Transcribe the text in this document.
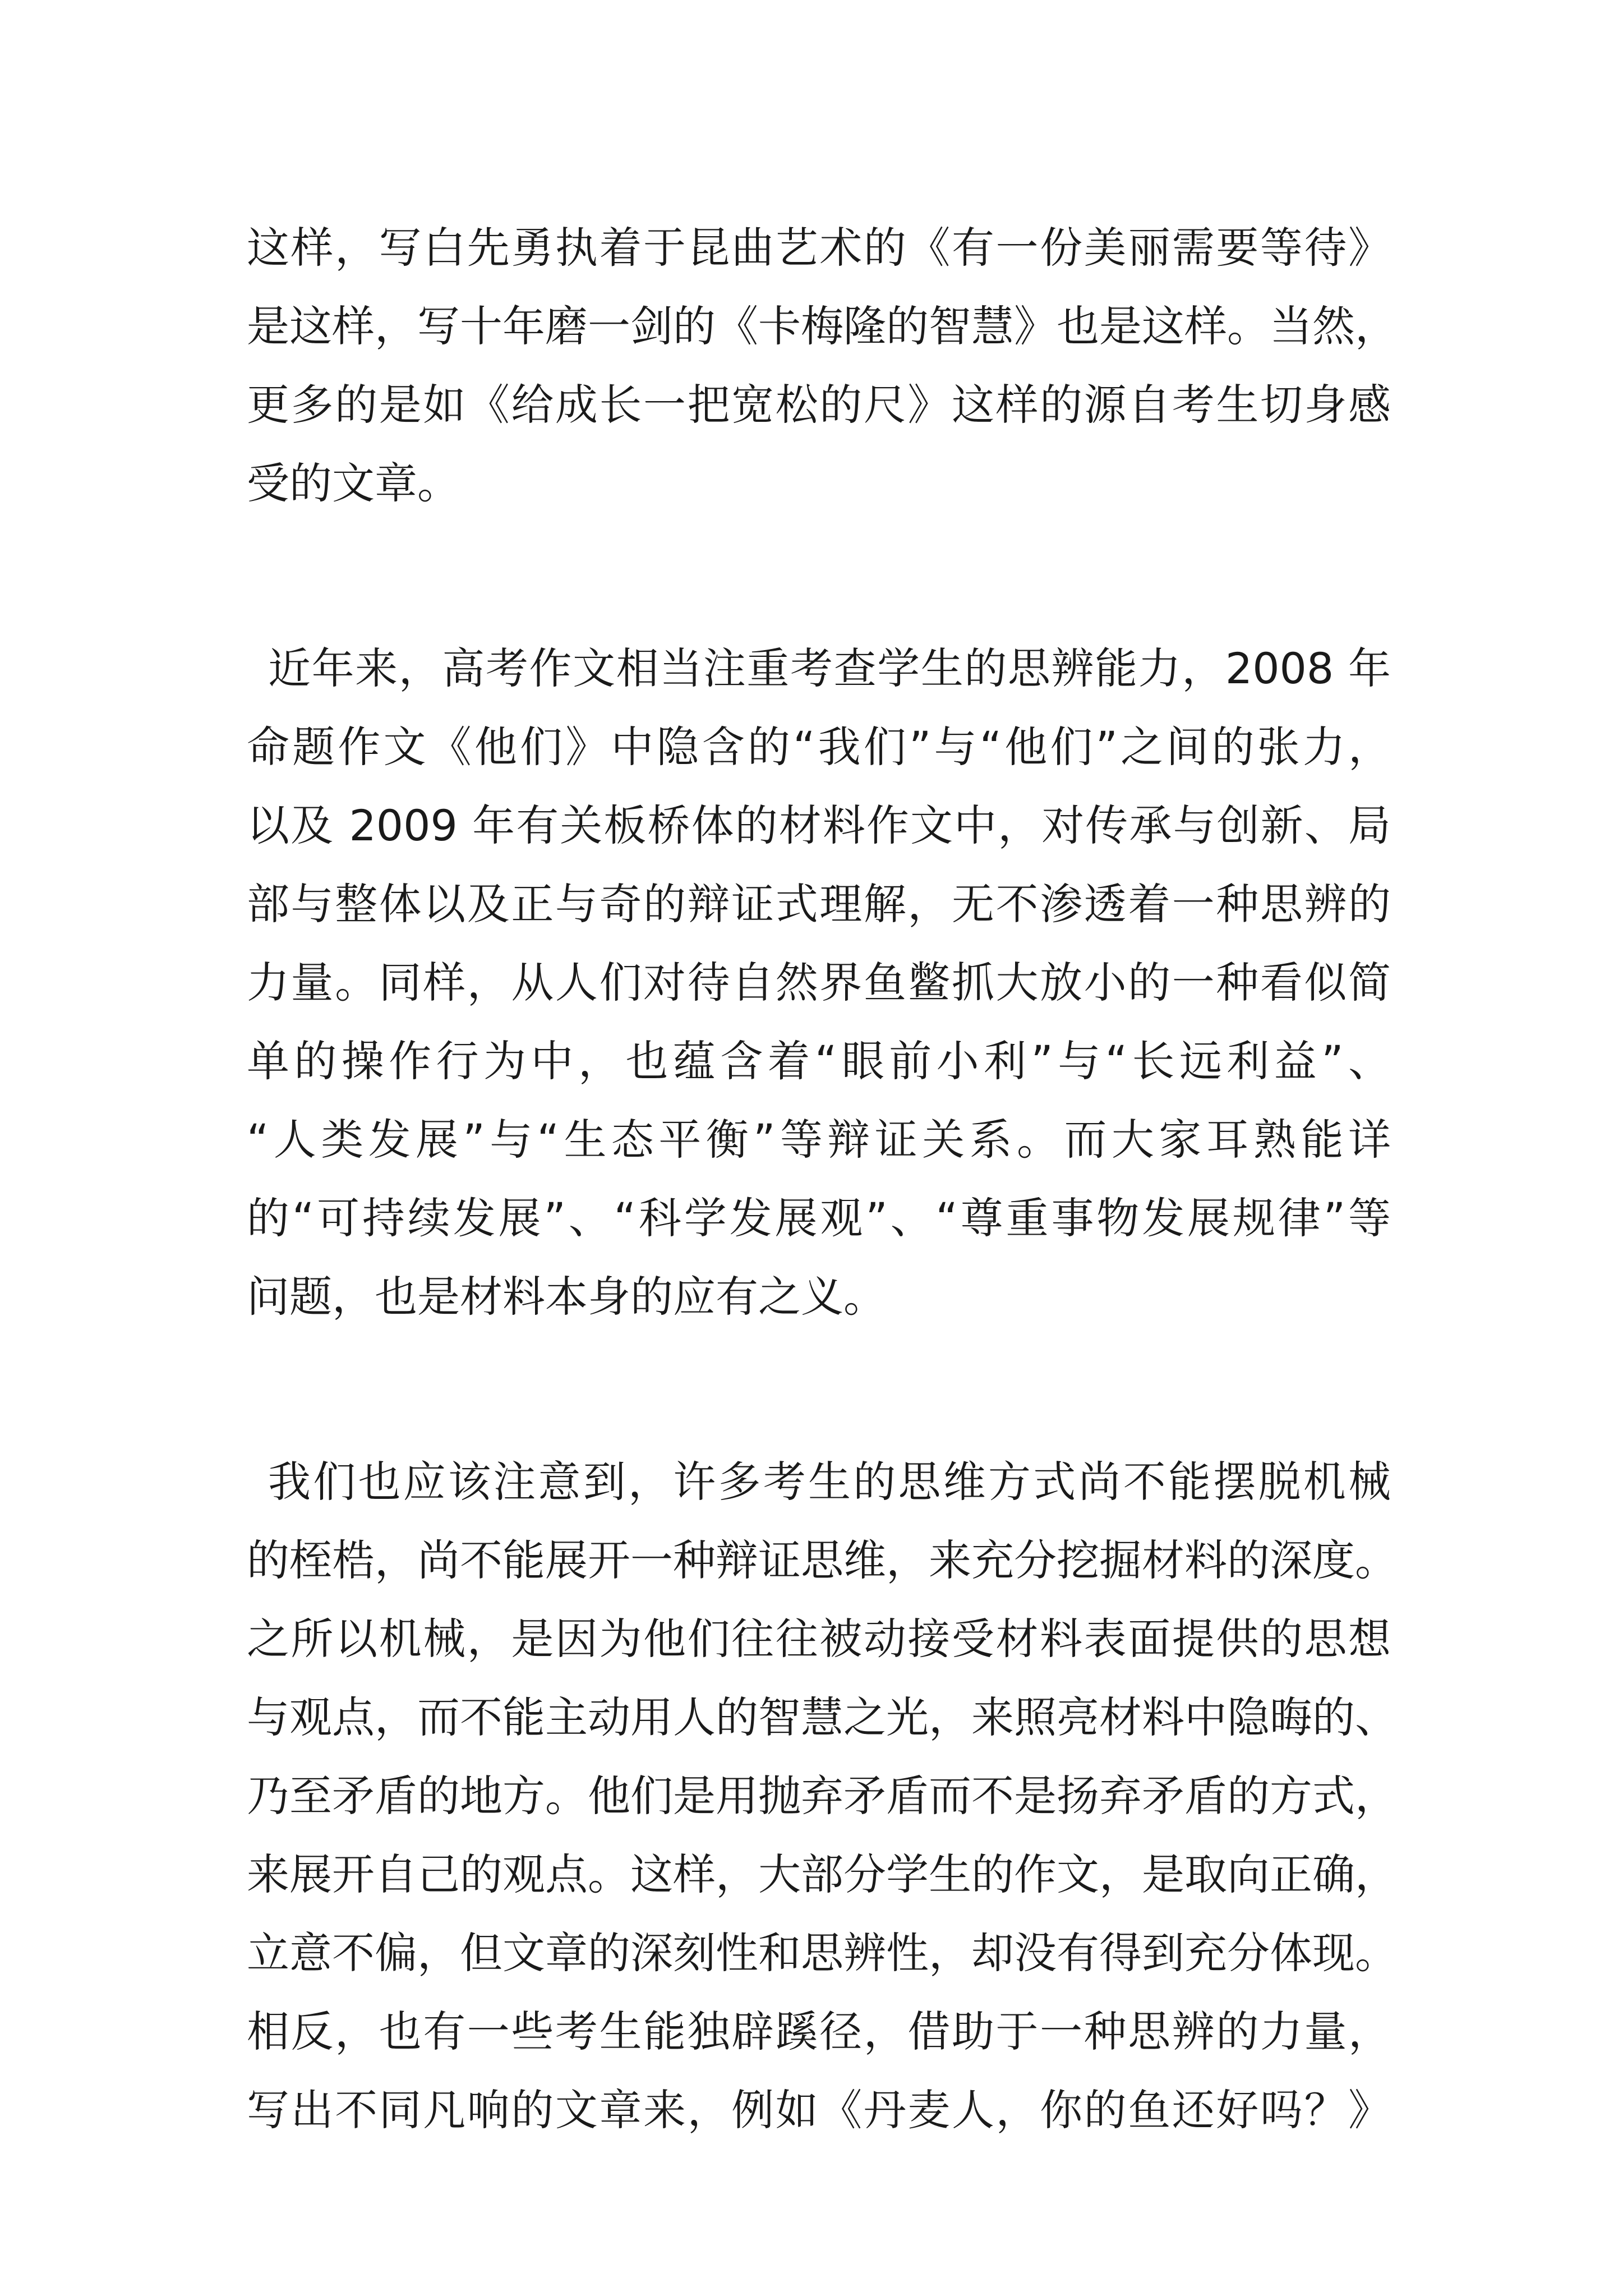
这样，写白先勇执着于昆曲艺术的《有一份美丽需要等待》
是这样，写十年磨一剑的《卡梅隆的智慧》也是这样。当然，
更多的是如《给成长一把宽松的尺》这样的源自考生切身感
受的文章。
近年来，高考作文相当注重考查学生的思辨能力，2008 年
命题作文《他们》中隐含的“我们”与“他们”之间的张力，
以及 2009 年有关板桥体的材料作文中，对传承与创新、局
部与整体以及正与奇的辩证式理解，无不渗透着一种思辨的
力量。同样，从人们对待自然界鱼鳖抓大放小的一种看似简
单的操作行为中，也蕴含着“眼前小利”与“长远利益”、
“人类发展”与“生态平衡”等辩证关系。而大家耳熟能详
的“可持续发展”、“科学发展观”、“尊重事物发展规律”等
问题，也是材料本身的应有之义。
我们也应该注意到，许多考生的思维方式尚不能摆脱机械
的桎梏，尚不能展开一种辩证思维，来充分挖掘材料的深度。
之所以机械，是因为他们往往被动接受材料表面提供的思想
与观点，而不能主动用人的智慧之光，来照亮材料中隐晦的、
乃至矛盾的地方。他们是用抛弃矛盾而不是扬弃矛盾的方式，
来展开自己的观点。这样，大部分学生的作文，是取向正确，
立意不偏，但文章的深刻性和思辨性，却没有得到充分体现。
相反，也有一些考生能独辟蹊径，借助于一种思辨的力量，
写出不同凡响的文章来，例如《丹麦人，你的鱼还好吗？》
